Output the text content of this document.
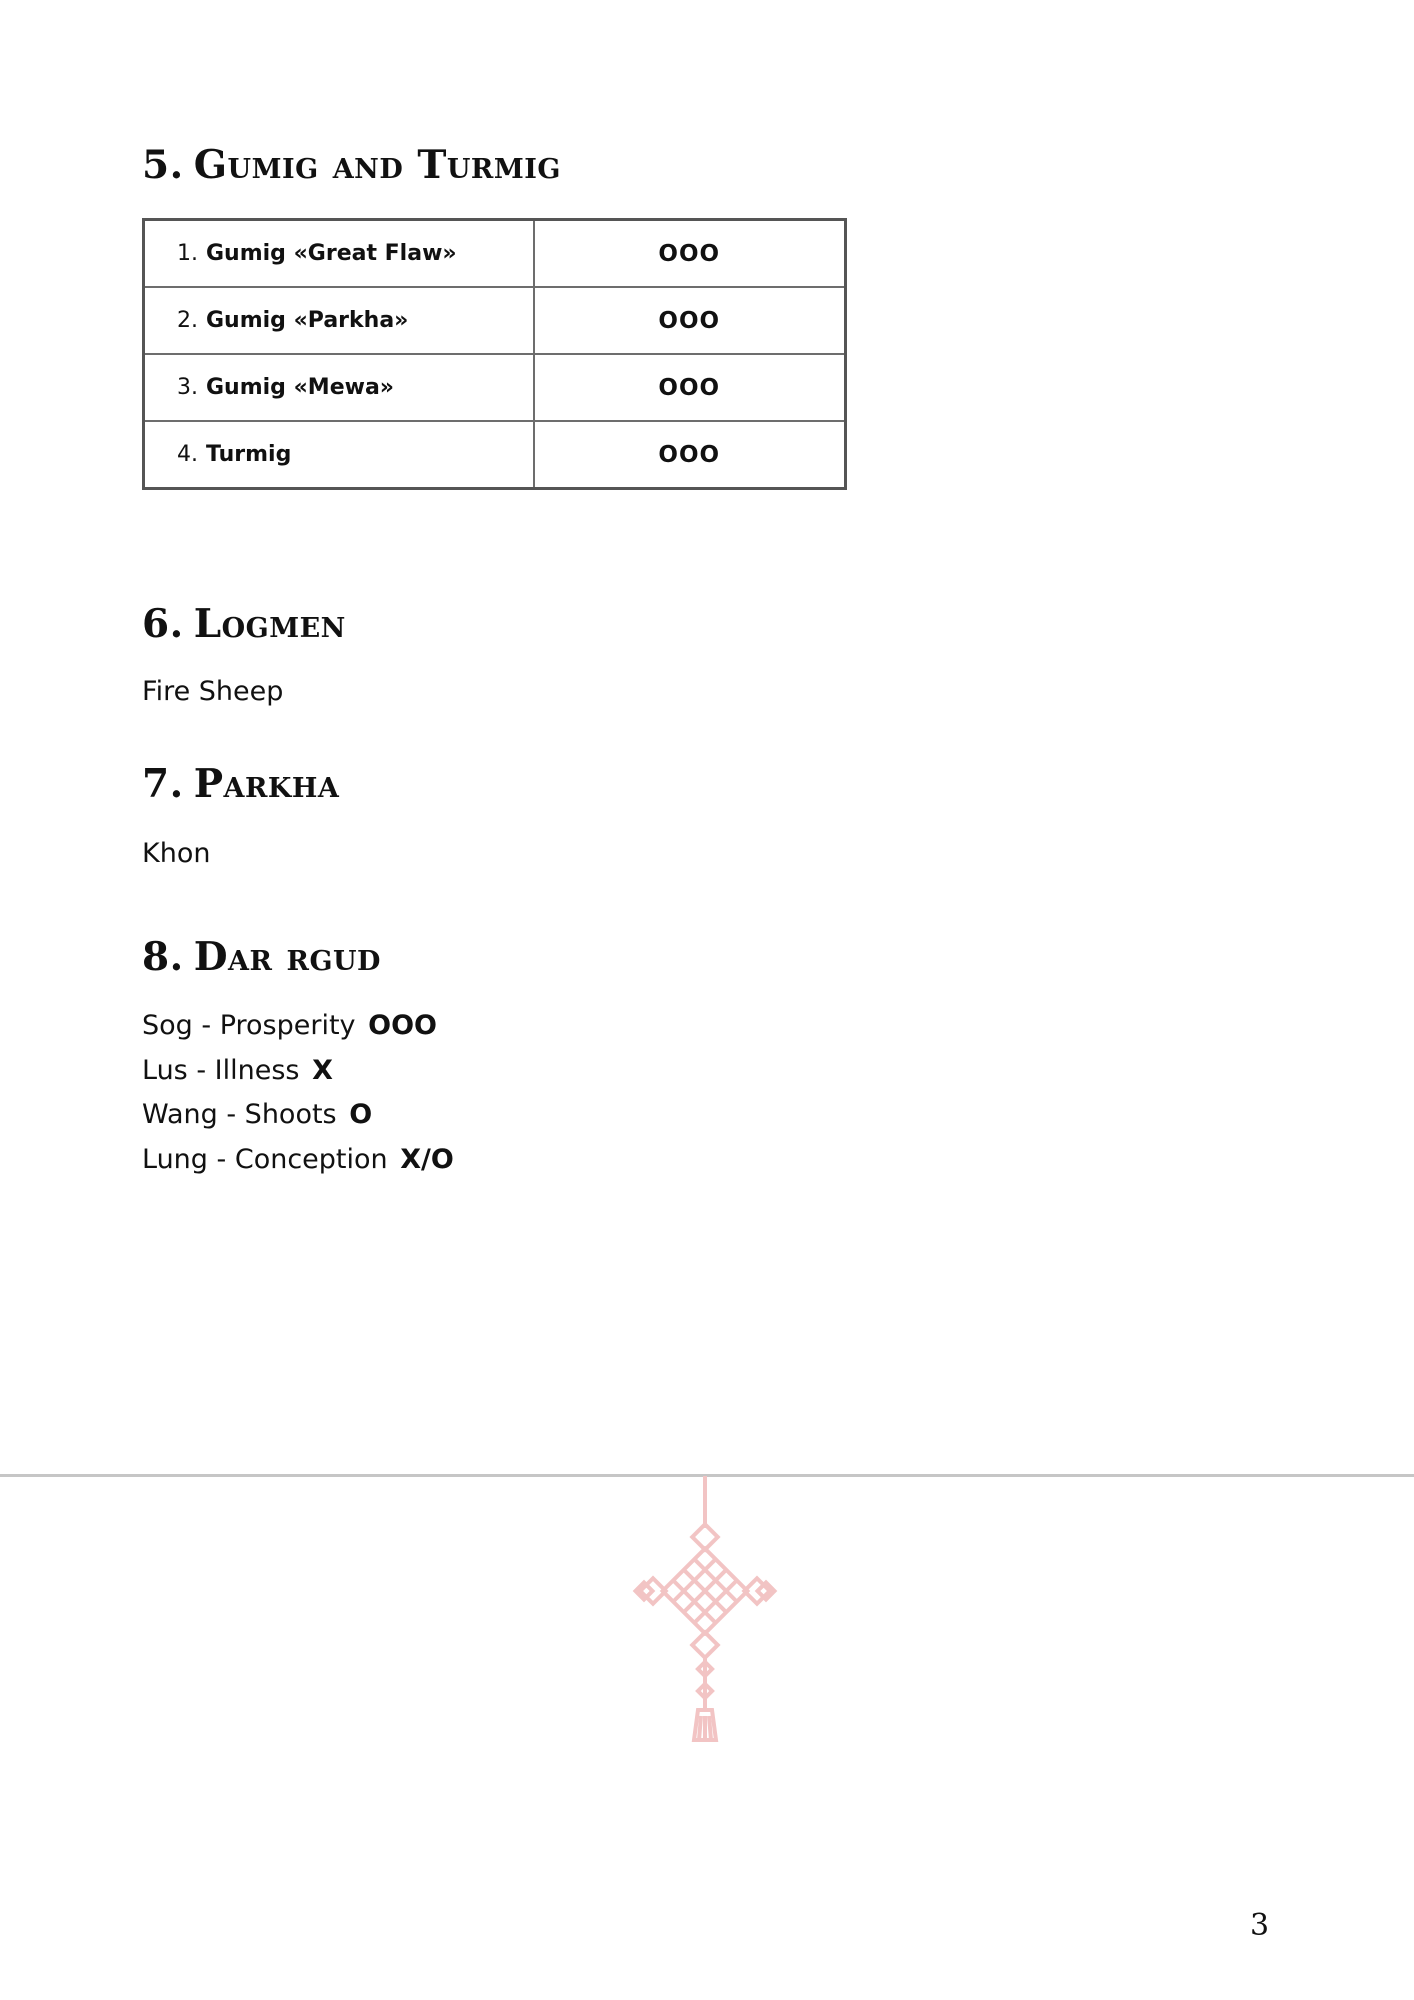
5. Gumig and Turmig
1. Gumig «Great Flaw»	OOO
2. Gumig «Parkha»	OOO
3. Gumig «Mewa»	OOO
4. Turmig	OOO
6. Logmen

Fire Sheep

7. Parkha

Khon

8. Dar rgud
Sog - Prosperity OOO
Lus - Illness X
Wang - Shoots O
Lung - Conception X/O
3
